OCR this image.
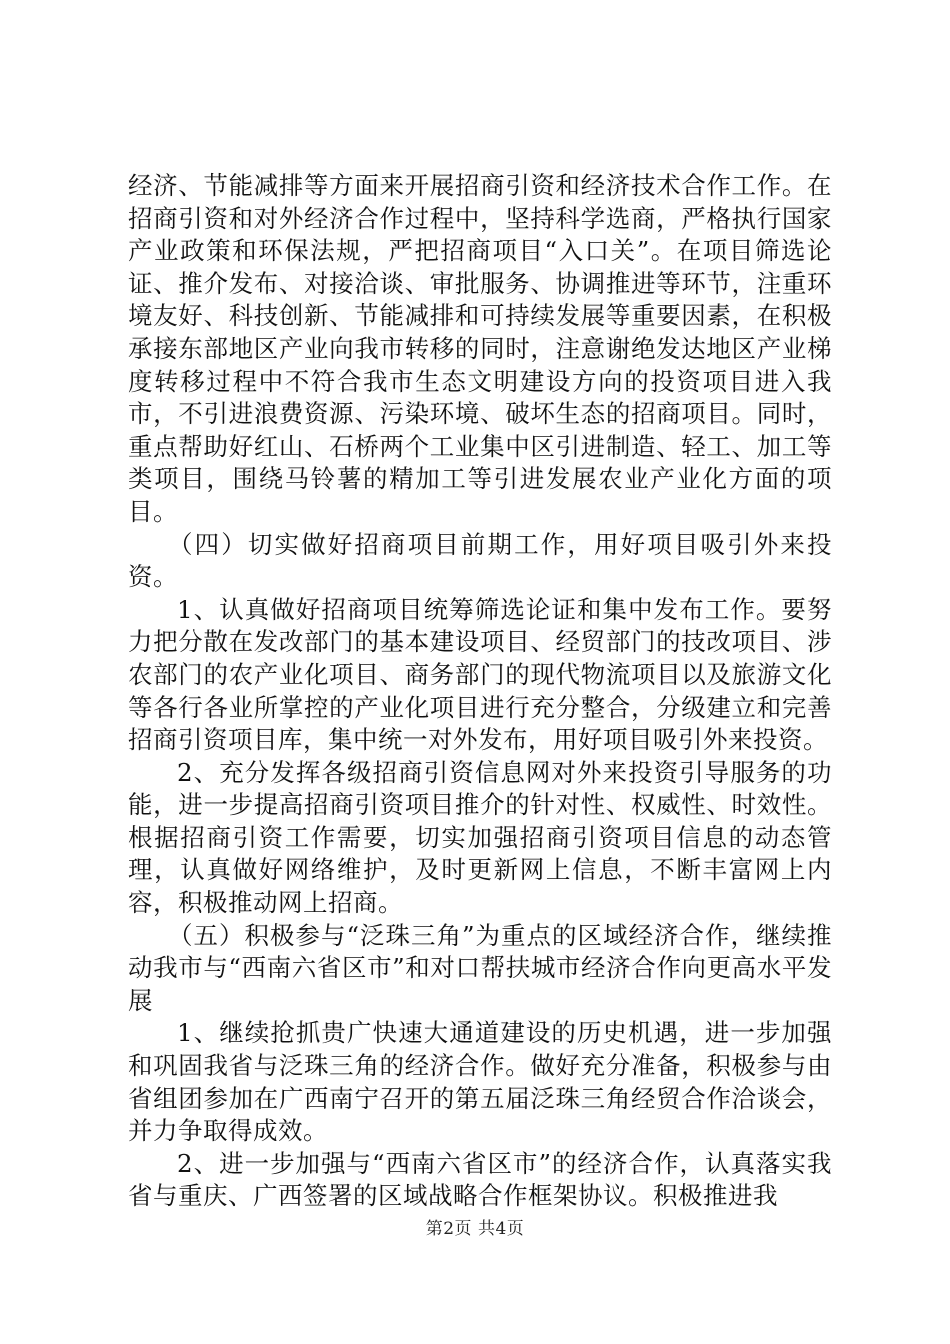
经济、节能减排等方面来开展招商引资和经济技术合作工作。在招商引资和对外经济合作过程中，坚持科学选商，严格执行国家产业政策和环保法规，严把招商项目“入口关”。在项目筛选论证、推介发布、对接洽谈、审批服务、协调推进等环节，注重环境友好、科技创新、节能减排和可持续发展等重要因素，在积极承接东部地区产业向我市转移的同时，注意谢绝发达地区产业梯度转移过程中不符合我市生态文明建设方向的投资项目进入我市，不引进浪费资源、污染环境、破坏生态的招商项目。同时，重点帮助好红山、石桥两个工业集中区引进制造、轻工、加工等类项目，围绕马铃薯的精加工等引进发展农业产业化方面的项目。

（四）切实做好招商项目前期工作，用好项目吸引外来投资。

1、认真做好招商项目统筹筛选论证和集中发布工作。要努力把分散在发改部门的基本建设项目、经贸部门的技改项目、涉农部门的农产业化项目、商务部门的现代物流项目以及旅游文化等各行各业所掌控的产业化项目进行充分整合，分级建立和完善招商引资项目库，集中统一对外发布，用好项目吸引外来投资。

2、充分发挥各级招商引资信息网对外来投资引导服务的功能，进一步提高招商引资项目推介的针对性、权威性、时效性。根据招商引资工作需要，切实加强招商引资项目信息的动态管理，认真做好网络维护，及时更新网上信息，不断丰富网上内容，积极推动网上招商。

（五）积极参与“泛珠三角”为重点的区域经济合作，继续推动我市与“西南六省区市”和对口帮扶城市经济合作向更高水平发展

1、继续抢抓贵广快速大通道建设的历史机遇，进一步加强和巩固我省与泛珠三角的经济合作。做好充分准备，积极参与由省组团参加在广西南宁召开的第五届泛珠三角经贸合作洽谈会，并力争取得成效。

2、进一步加强与“西南六省区市”的经济合作，认真落实我省与重庆、广西签署的区域战略合作框架协议。积极推进我

第2页 共4页
